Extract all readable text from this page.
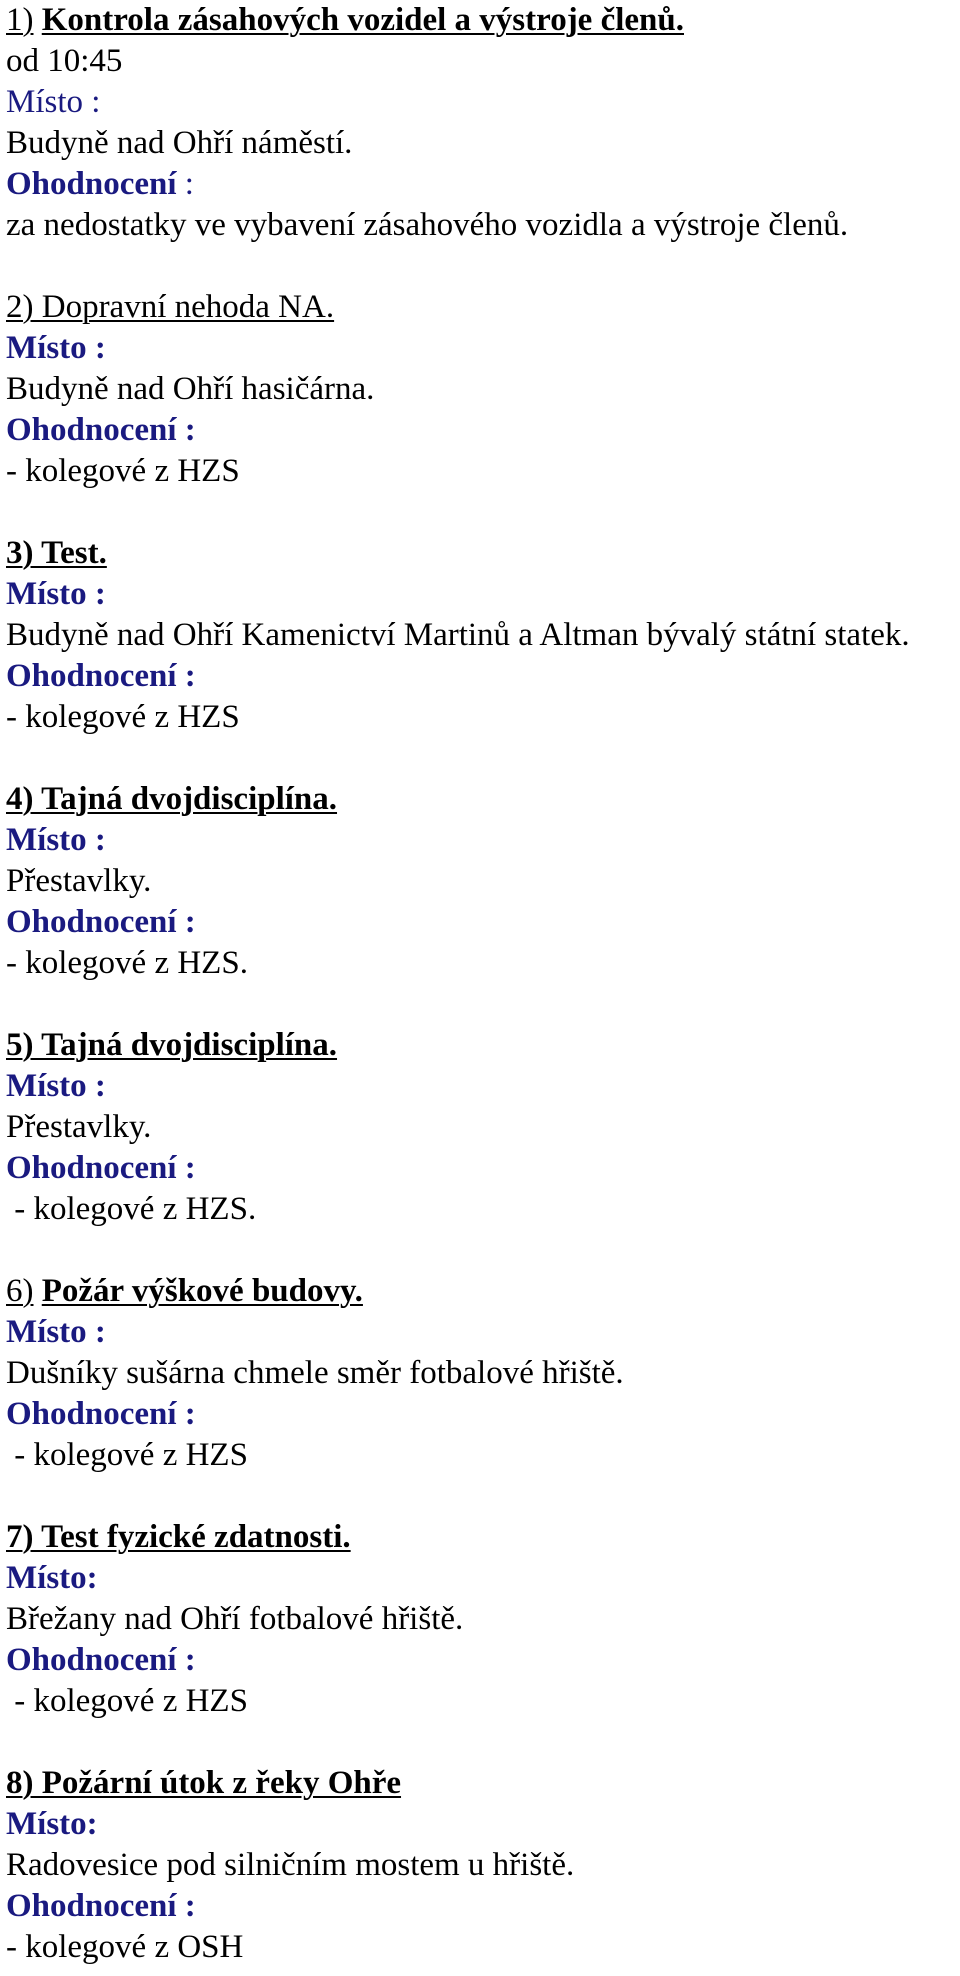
1) Kontrola zásahových vozidel a výstroje členů.
od 10:45
Místo :
Budyně nad Ohří náměstí.
Ohodnocení :
za nedostatky ve vybavení zásahového vozidla a výstroje členů.
2) Dopravní nehoda NA.
Místo :
Budyně nad Ohří hasičárna.
Ohodnocení :
- kolegové z HZS
3) Test.
Místo :
Budyně nad Ohří Kamenictví Martinů a Altman bývalý státní statek.
Ohodnocení :
- kolegové z HZS
4) Tajná dvojdisciplína.
Místo :
Přestavlky.
Ohodnocení :
- kolegové z HZS.
5) Tajná dvojdisciplína.
Místo :
Přestavlky.
Ohodnocení :
- kolegové z HZS.
6) Požár výškové budovy.
Místo :
Dušníky sušárna chmele směr fotbalové hřiště.
Ohodnocení :
- kolegové z HZS
7) Test fyzické zdatnosti.
Místo:
Břežany nad Ohří fotbalové hřiště.
Ohodnocení :
- kolegové z HZS
8) Požární útok z řeky Ohře
Místo:
Radovesice pod silničním mostem u hřiště.
Ohodnocení :
- kolegové z OSH
